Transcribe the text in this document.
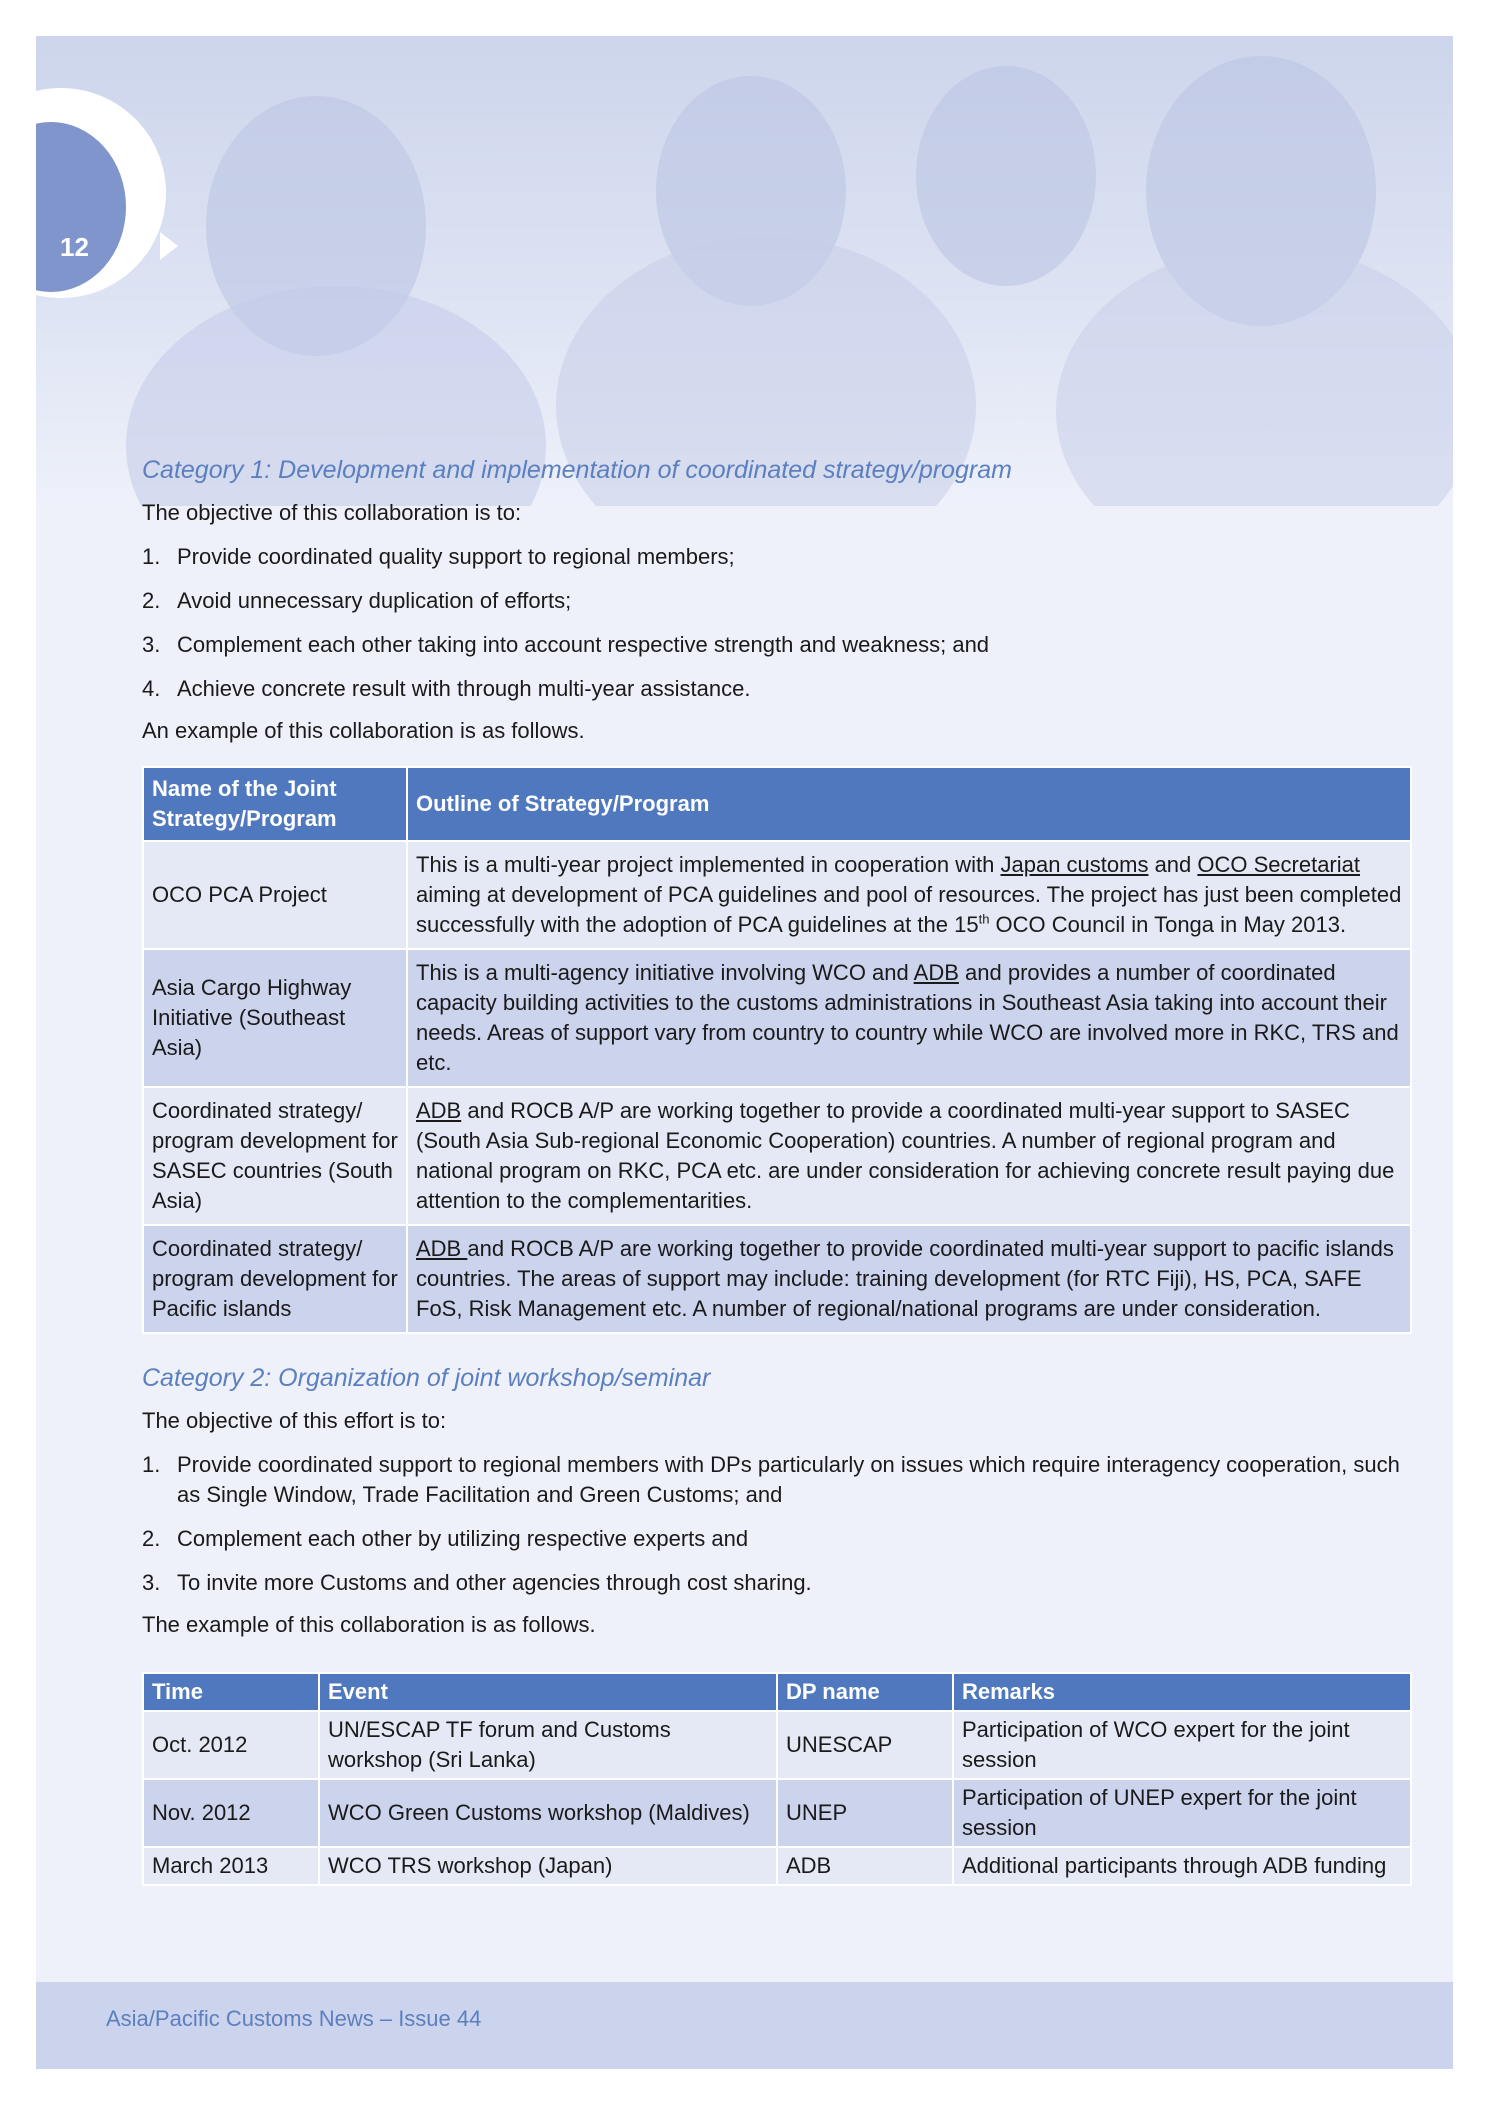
12
Category 1: Development and implementation of coordinated strategy/program

The objective of this collaboration is to:

1. Provide coordinated quality support to regional members;
2. Avoid unnecessary duplication of efforts;
3. Complement each other taking into account respective strength and weakness; and
4. Achieve concrete result with through multi-year assistance.

An example of this collaboration is as follows.

Name of the Joint Strategy/Program	Outline of Strategy/Program
OCO PCA Project	This is a multi-year project implemented in cooperation with Japan customs and OCO Secretariat aiming at development of PCA guidelines and pool of resources. The project has just been completed successfully with the adoption of PCA guidelines at the 15th OCO Council in Tonga in May 2013.
Asia Cargo Highway Initiative (Southeast Asia)	This is a multi-agency initiative involving WCO and ADB and provides a number of coordinated capacity building activities to the customs administrations in Southeast Asia taking into account their needs. Areas of support vary from country to country while WCO are involved more in RKC, TRS and etc.
Coordinated strategy/ program development for SASEC countries (South Asia)	ADB and ROCB A/P are working together to provide a coordinated multi-year support to SASEC (South Asia Sub-regional Economic Cooperation) countries. A number of regional program and national program on RKC, PCA etc. are under consideration for achieving concrete result paying due attention to the complementarities.
Coordinated strategy/ program development for Pacific islands	ADB and ROCB A/P are working together to provide coordinated multi-year support to pacific islands countries. The areas of support may include: training development (for RTC Fiji), HS, PCA, SAFE FoS, Risk Management etc. A number of regional/national programs are under consideration.
Category 2: Organization of joint workshop/seminar

The objective of this effort is to:

1. Provide coordinated support to regional members with DPs particularly on issues which require interagency cooperation, such as Single Window, Trade Facilitation and Green Customs; and
2. Complement each other by utilizing respective experts and
3. To invite more Customs and other agencies through cost sharing.

The example of this collaboration is as follows.

Time	Event	DP name	Remarks
Oct. 2012	UN/ESCAP TF forum and Customs workshop (Sri Lanka)	UNESCAP	Participation of WCO expert for the joint session
Nov. 2012	WCO Green Customs workshop (Maldives)	UNEP	Participation of UNEP expert for the joint session
March 2013	WCO TRS workshop (Japan)	ADB	Additional participants through ADB funding
Asia/Pacific Customs News – Issue 44
